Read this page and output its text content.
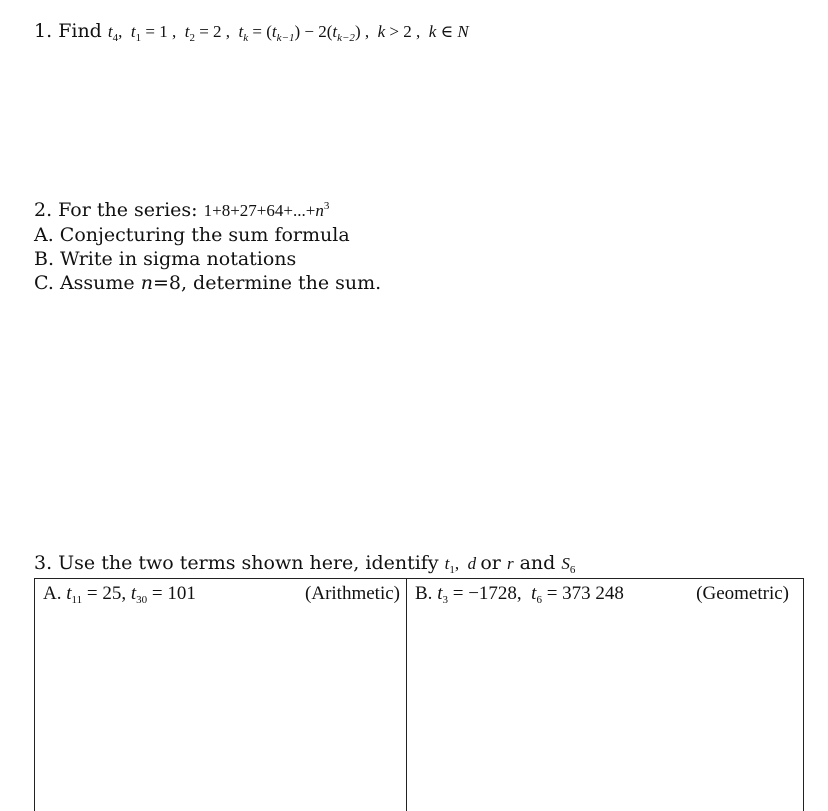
1. Find $t_4$,  $t_1 = 1$ ,  $t_2 = 2$ ,  $t_k = (t_{k-1}) - 2(t_{k-2})$ ,  k > 2 ,  k ∈ N
2. For the series: $1+8+27+64+...+n^3$
A. Conjecturing the sum formula
B. Write in sigma notations
C. Assume n=8, determine the sum.
3. Use the two terms shown here, identify $t_1$,  d or r and $S_6$
A. $t_{11} = 25$, $t_{30} = 101$	(Arithmetic) B. $t_3 = -1728$,  $t_6 = 373$ 248	(Geometric)
